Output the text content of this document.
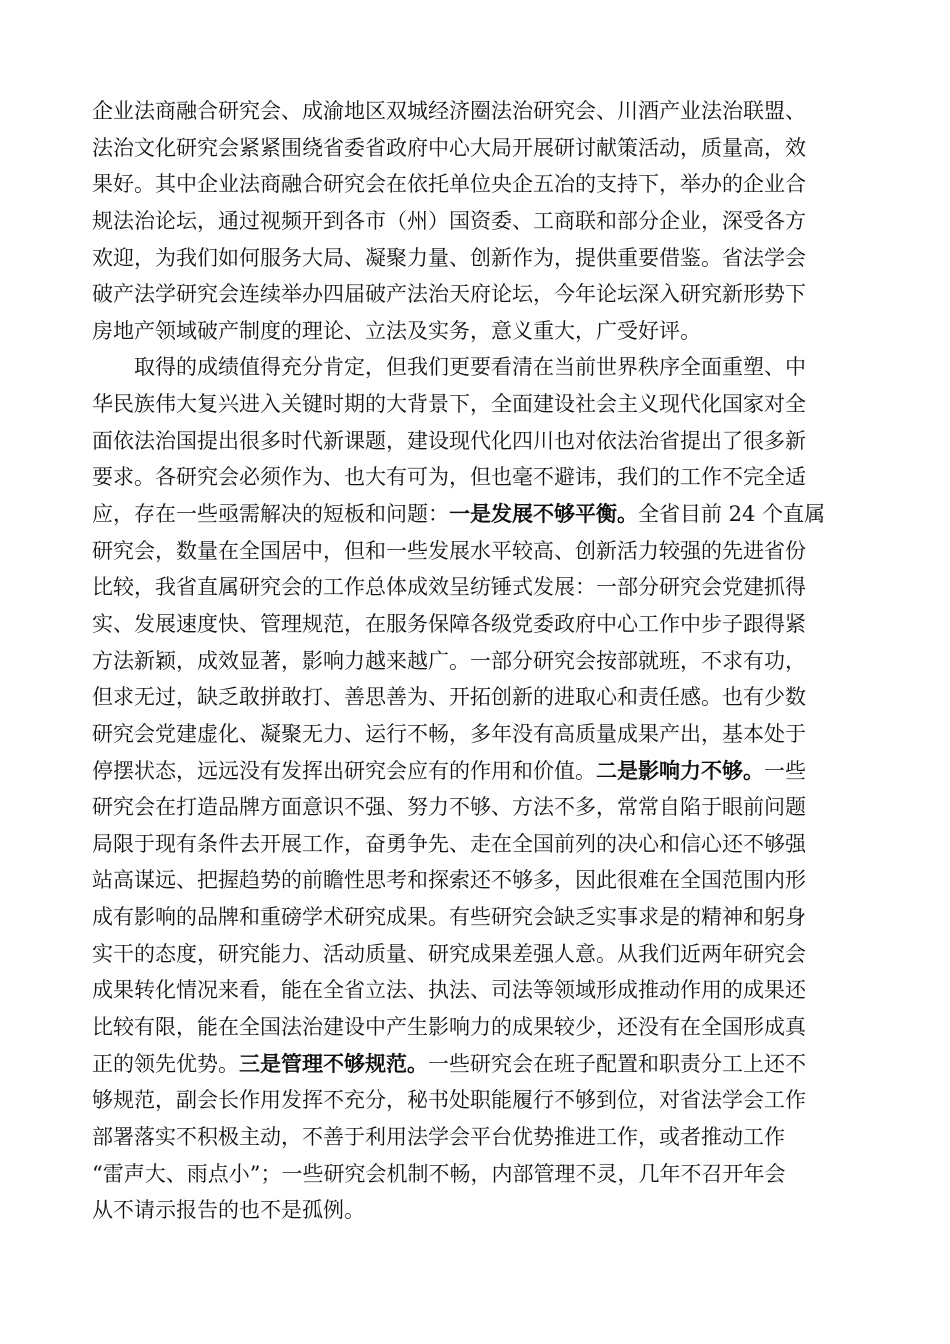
企业法商融合研究会、成渝地区双城经济圈法治研究会、川酒产业法治联盟、
法治文化研究会紧紧围绕省委省政府中心大局开展研讨献策活动，质量高，效
果好。其中企业法商融合研究会在依托单位央企五冶的支持下，举办的企业合
规法治论坛，通过视频开到各市（州）国资委、工商联和部分企业，深受各方
欢迎，为我们如何服务大局、凝聚力量、创新作为，提供重要借鉴。省法学会
破产法学研究会连续举办四届破产法治天府论坛，今年论坛深入研究新形势下
房地产领域破产制度的理论、立法及实务，意义重大，广受好评。
取得的成绩值得充分肯定，但我们更要看清在当前世界秩序全面重塑、中
华民族伟大复兴进入关键时期的大背景下，全面建设社会主义现代化国家对全
面依法治国提出很多时代新课题，建设现代化四川也对依法治省提出了很多新
要求。各研究会必须作为、也大有可为，但也毫不避讳，我们的工作不完全适
应，存在一些亟需解决的短板和问题：一是发展不够平衡。全省目前 24 个直属
研究会，数量在全国居中，但和一些发展水平较高、创新活力较强的先进省份
比较，我省直属研究会的工作总体成效呈纺锤式发展：一部分研究会党建抓得
实、发展速度快、管理规范，在服务保障各级党委政府中心工作中步子跟得紧
方法新颖，成效显著，影响力越来越广。一部分研究会按部就班，不求有功，
但求无过，缺乏敢拼敢打、善思善为、开拓创新的进取心和责任感。也有少数
研究会党建虚化、凝聚无力、运行不畅，多年没有高质量成果产出，基本处于
停摆状态，远远没有发挥出研究会应有的作用和价值。二是影响力不够。一些
研究会在打造品牌方面意识不强、努力不够、方法不多，常常自陷于眼前问题
局限于现有条件去开展工作，奋勇争先、走在全国前列的决心和信心还不够强
站高谋远、把握趋势的前瞻性思考和探索还不够多，因此很难在全国范围内形
成有影响的品牌和重磅学术研究成果。有些研究会缺乏实事求是的精神和躬身
实干的态度，研究能力、活动质量、研究成果差强人意。从我们近两年研究会
成果转化情况来看，能在全省立法、执法、司法等领域形成推动作用的成果还
比较有限，能在全国法治建设中产生影响力的成果较少，还没有在全国形成真
正的领先优势。三是管理不够规范。一些研究会在班子配置和职责分工上还不
够规范，副会长作用发挥不充分，秘书处职能履行不够到位，对省法学会工作
部署落实不积极主动，不善于利用法学会平台优势推进工作，或者推动工作
“雷声大、雨点小”；一些研究会机制不畅，内部管理不灵，几年不召开年会
从不请示报告的也不是孤例。
